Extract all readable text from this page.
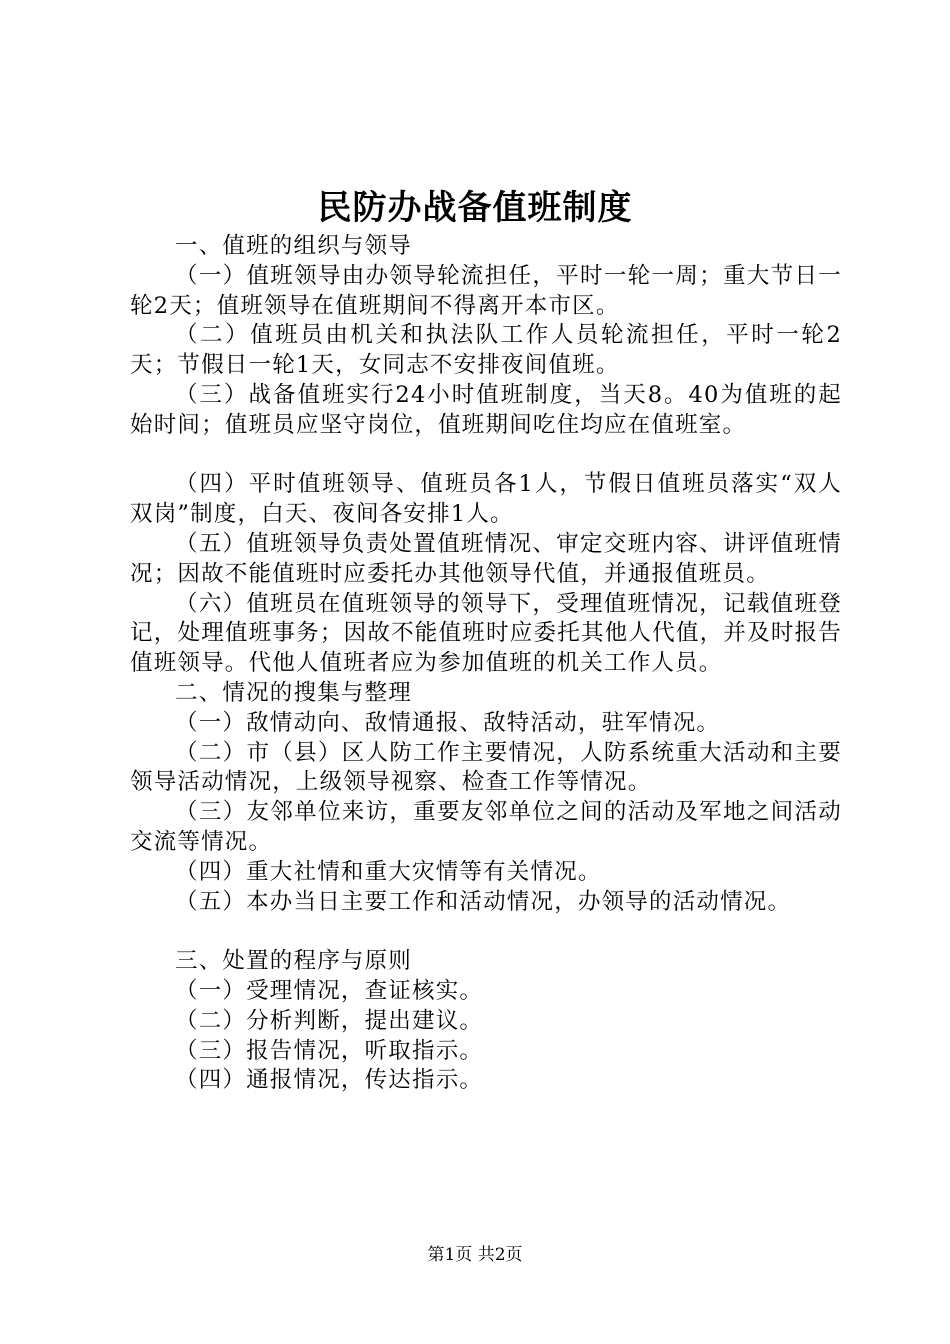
民防办战备值班制度

一、值班的组织与领导

（一）值班领导由办领导轮流担任，平时一轮一周；重大节日一轮2天；值班领导在值班期间不得离开本市区。

（二）值班员由机关和执法队工作人员轮流担任，平时一轮2天；节假日一轮1天，女同志不安排夜间值班。

（三）战备值班实行24小时值班制度，当天8。40为值班的起始时间；值班员应坚守岗位，值班期间吃住均应在值班室。

（四）平时值班领导、值班员各1人，节假日值班员落实“双人双岗”制度，白天、夜间各安排1人。

（五）值班领导负责处置值班情况、审定交班内容、讲评值班情况；因故不能值班时应委托办其他领导代值，并通报值班员。

（六）值班员在值班领导的领导下，受理值班情况，记载值班登记，处理值班事务；因故不能值班时应委托其他人代值，并及时报告值班领导。代他人值班者应为参加值班的机关工作人员。

二、情况的搜集与整理

（一）敌情动向、敌情通报、敌特活动，驻军情况。

（二）市（县）区人防工作主要情况，人防系统重大活动和主要领导活动情况，上级领导视察、检查工作等情况。

（三）友邻单位来访，重要友邻单位之间的活动及军地之间活动交流等情况。

（四）重大社情和重大灾情等有关情况。

（五）本办当日主要工作和活动情况，办领导的活动情况。

三、处置的程序与原则

（一）受理情况，查证核实。

（二）分析判断，提出建议。

（三）报告情况，听取指示。

（四）通报情况，传达指示。

第1页 共2页
